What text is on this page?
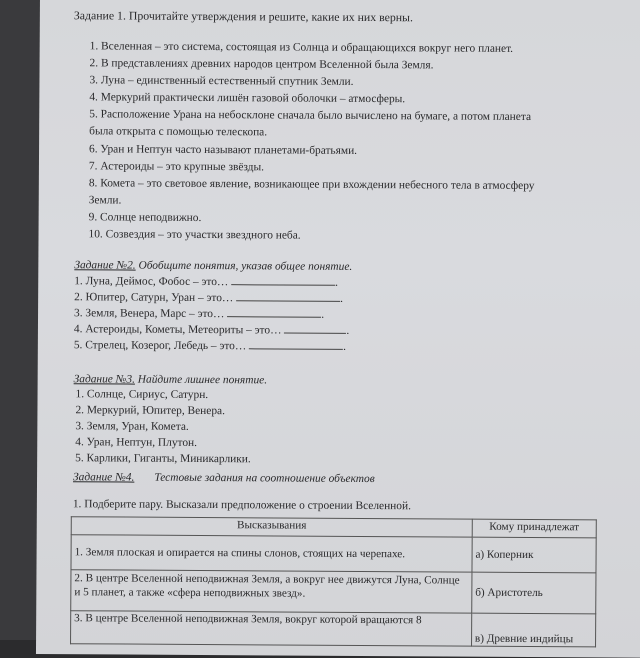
Задание 1. Прочитайте утверждения и решите, какие их них верны.
1. Вселенная – это система, состоящая из Солнца и обращающихся вокруг него планет.
2. В представлениях древних народов центром Вселенной была Земля.
3. Луна – единственный естественный спутник Земли.
4. Меркурий практически лишён газовой оболочки – атмосферы.
5. Расположение Урана на небосклоне сначала было вычислено на бумаге, а потом планета
была открыта с помощью телескопа.
6. Уран и Нептун часто называют планетами-братьями.
7. Астероиды – это крупные звёзды.
8. Комета – это световое явление, возникающее при вхождении небесного тела в атмосферу
Земли.
9. Солнце неподвижно.
10. Созвездия – это участки звездного неба.
Задание №2. Обобщите понятия, указав общее понятие.
1. Луна, Деймос, Фобос – это…	.
2. Юпитер, Сатурн, Уран – это…	.
3. Земля, Венера, Марс – это…	.
4. Астероиды, Кометы, Метеориты – это…	.
5. Стрелец, Козерог, Лебедь – это…	.
Задание №3. Найдите лишнее понятие.
1. Солнце, Сириус, Сатурн.
2. Меркурий, Юпитер, Венера.
3. Земля, Уран, Комета.
4. Уран, Нептун, Плутон.
5. Карлики, Гиганты, Миникарлики.
Задание №4. Тестовые задания на соотношение объектов
1. Подберите пару. Высказали предположение о строении Вселенной.
Высказывания	Кому принадлежат
1. Земля плоская и опирается на спины слонов, стоящих на черепахе.	а) Коперник
2. В центре Вселенной неподвижная Земля, а вокруг нее движутся Луна, Солнце и 5 планет, а также «сфера неподвижных звезд».	б) Аристотель
3. В центре Вселенной неподвижная Земля, вокруг которой вращаются 8	в) Древние индийцы
